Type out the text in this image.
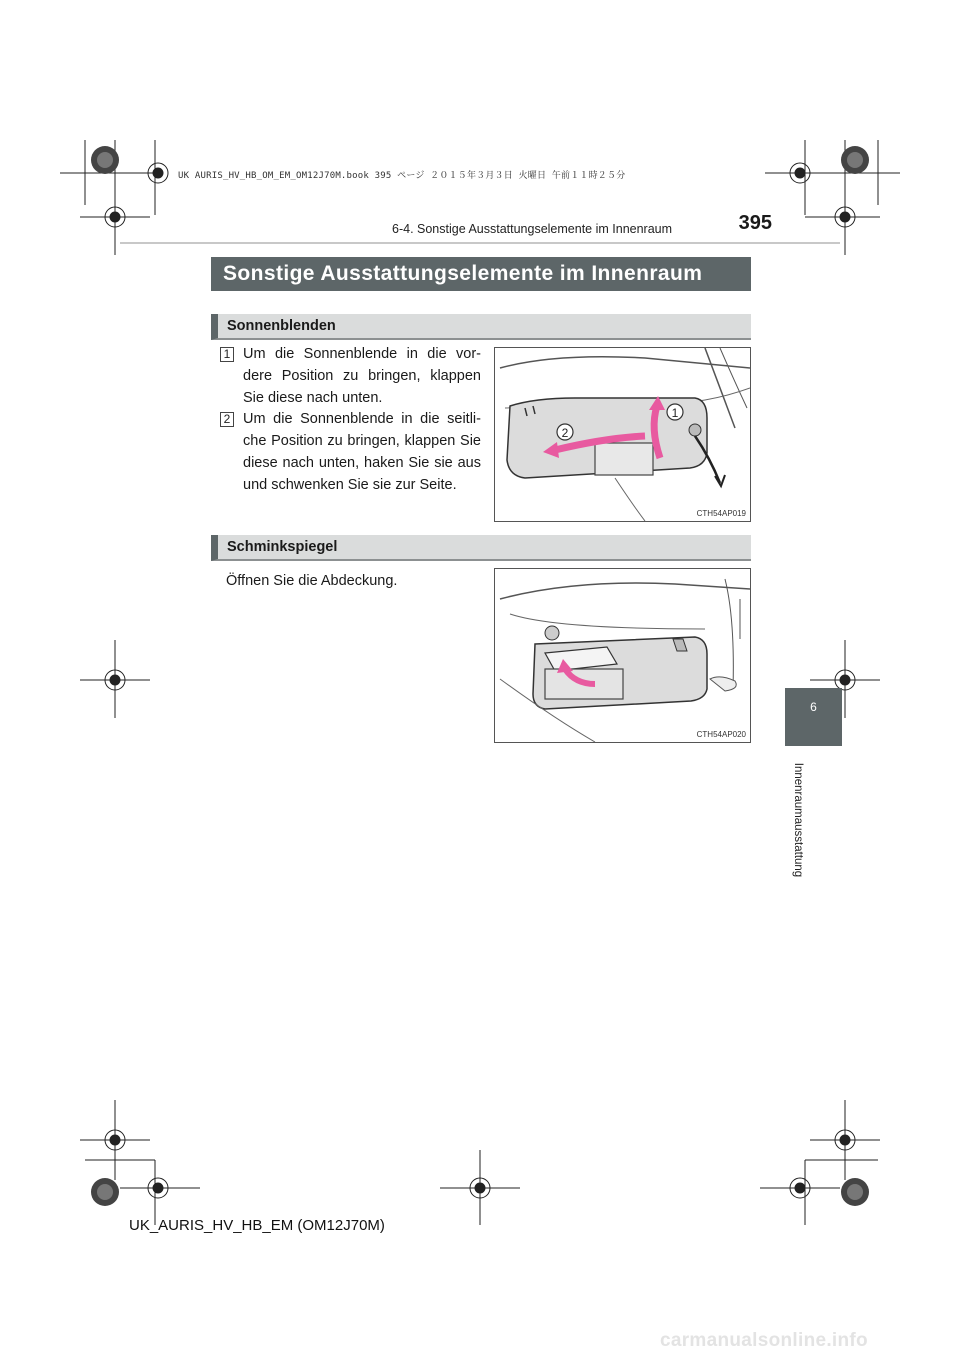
UK AURIS_HV_HB_OM_EM_OM12J70M.book 395 ページ ２０１５年３月３日 火曜日 午前１１時２５分
6-4. Sonstige Ausstattungselemente im Innenraum	395
Sonstige Ausstattungselemente im Innenraum
Sonnenblenden
1 Um die Sonnenblende in die vor-dere Position zu bringen, klappen Sie diese nach unten.
2 Um die Sonnenblende in die seitli-che Position zu bringen, klappen Sie diese nach unten, haken Sie sie aus und schwenken Sie sie zur Seite.
1
2
CTH54AP019
Schminkspiegel
Öffnen Sie die Abdeckung.
CTH54AP020
6
Innenraumausstattung
UK_AURIS_HV_HB_EM (OM12J70M)
carmanualsonline.info
